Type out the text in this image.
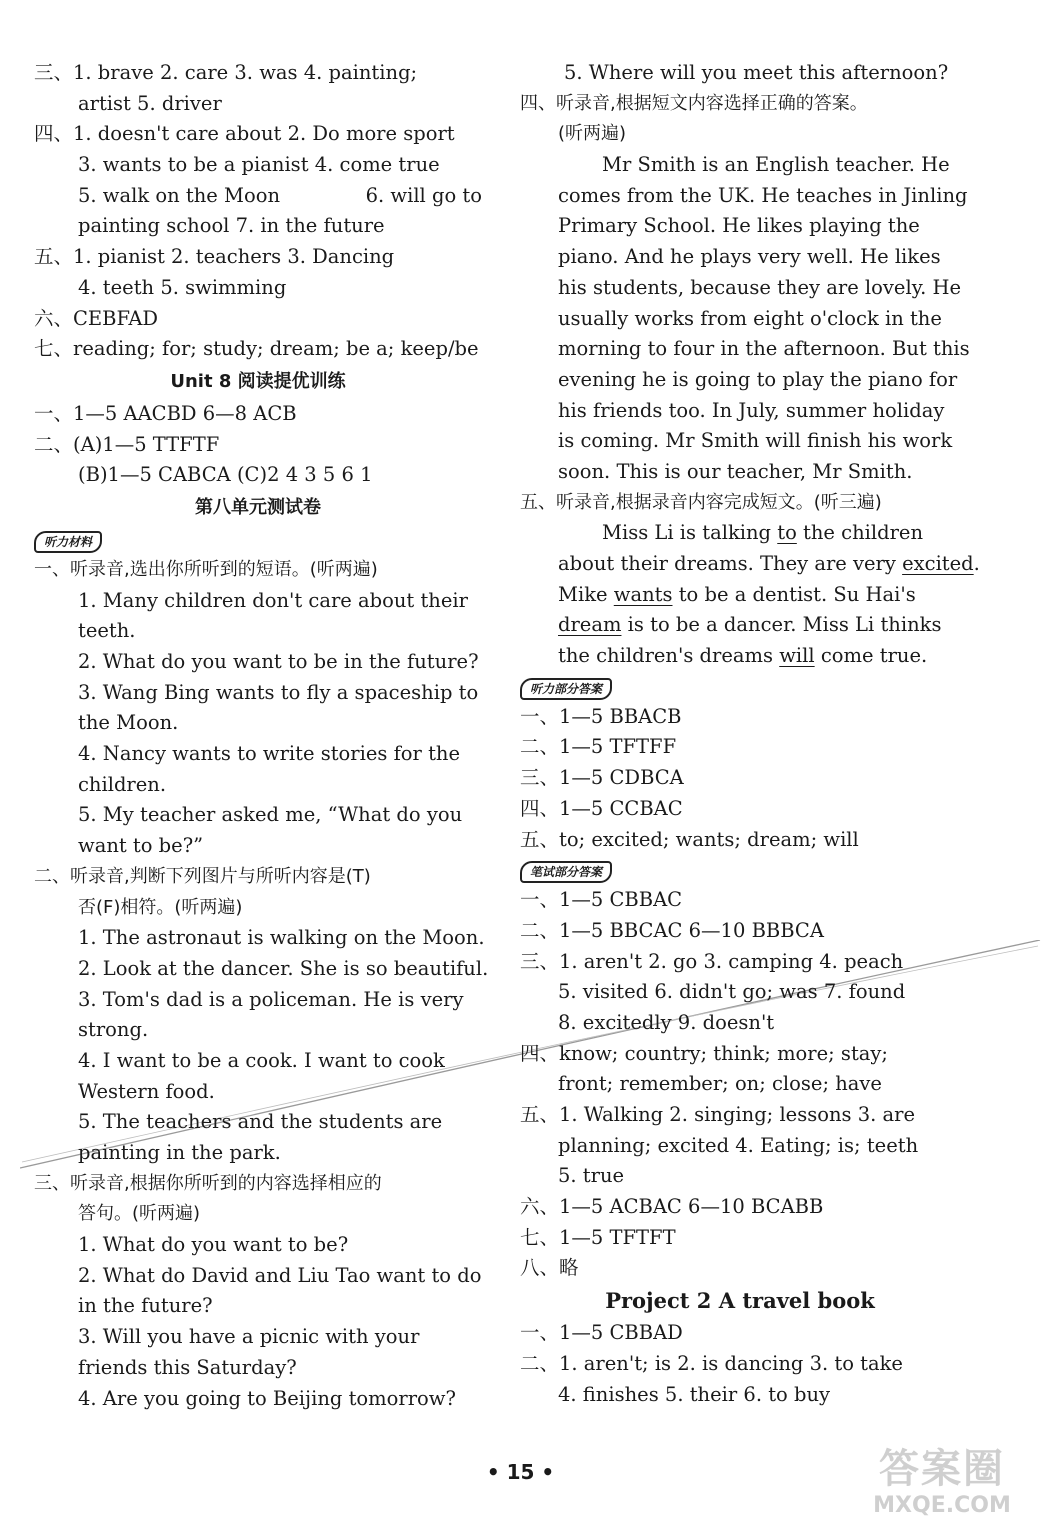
三、1. brave 2. care 3. was 4. painting;
artist 5. driver
四、1. doesn't care about 2. Do more sport
3. wants to be a pianist 4. come true
5. walk on the Moon	6. will go to
painting school 7. in the future
五、1. pianist 2. teachers 3. Dancing
4. teeth 5. swimming
六、CEBFAD
七、reading; for; study; dream; be a; keep/be
Unit 8 阅读提优训练
一、1—5 AACBD 6—8 ACB
二、(A)1—5 TTFTF
(B)1—5 CABCA (C)2 4 3 5 6 1
第八单元测试卷
听力材料
一、听录音,选出你所听到的短语。(听两遍)
1. Many children don't care about their
teeth.
2. What do you want to be in the future?
3. Wang Bing wants to fly a spaceship to
the Moon.
4. Nancy wants to write stories for the
children.
5. My teacher asked me, “What do you
want to be?”
二、听录音,判断下列图片与所听内容是(T)
否(F)相符。(听两遍)
1. The astronaut is walking on the Moon.
2. Look at the dancer. She is so beautiful.
3. Tom's dad is a policeman. He is very
strong.
4. I want to be a cook. I want to cook
Western food.
5. The teachers and the students are
painting in the park.
三、听录音,根据你所听到的内容选择相应的
答句。(听两遍)
1. What do you want to be?
2. What do David and Liu Tao want to do
in the future?
3. Will you have a picnic with your
friends this Saturday?
4. Are you going to Beijing tomorrow?
5. Where will you meet this afternoon?
四、听录音,根据短文内容选择正确的答案。
(听两遍)
Mr Smith is an English teacher. He
comes from the UK. He teaches in Jinling
Primary School. He likes playing the
piano. And he plays very well. He likes
his students, because they are lovely. He
usually works from eight o'clock in the
morning to four in the afternoon. But this
evening he is going to play the piano for
his friends too. In July, summer holiday
is coming. Mr Smith will finish his work
soon. This is our teacher, Mr Smith.
五、听录音,根据录音内容完成短文。(听三遍)
Miss Li is talking to the children
about their dreams. They are very excited.
Mike wants to be a dentist. Su Hai's
dream is to be a dancer. Miss Li thinks
the children's dreams will come true.
听力部分答案
一、1—5 BBACB
二、1—5 TFTFF
三、1—5 CDBCA
四、1—5 CCBAC
五、to; excited; wants; dream; will
笔试部分答案
一、1—5 CBBAC
二、1—5 BBCAC 6—10 BBBCA
三、1. aren't 2. go 3. camping 4. peach
5. visited 6. didn't go; was 7. found
8. excitedly 9. doesn't
四、know; country; think; more; stay;
front; remember; on; close; have
五、1. Walking 2. singing; lessons 3. are
planning; excited 4. Eating; is; teeth
5. true
六、1—5 ACBAC 6—10 BCABB
七、1—5 TFTFT
八、略
Project 2 A travel book
一、1—5 CBBAD
二、1. aren't; is 2. is dancing 3. to take
4. finishes 5. their 6. to buy
• 15 •	答案圈
MXQE.COM
